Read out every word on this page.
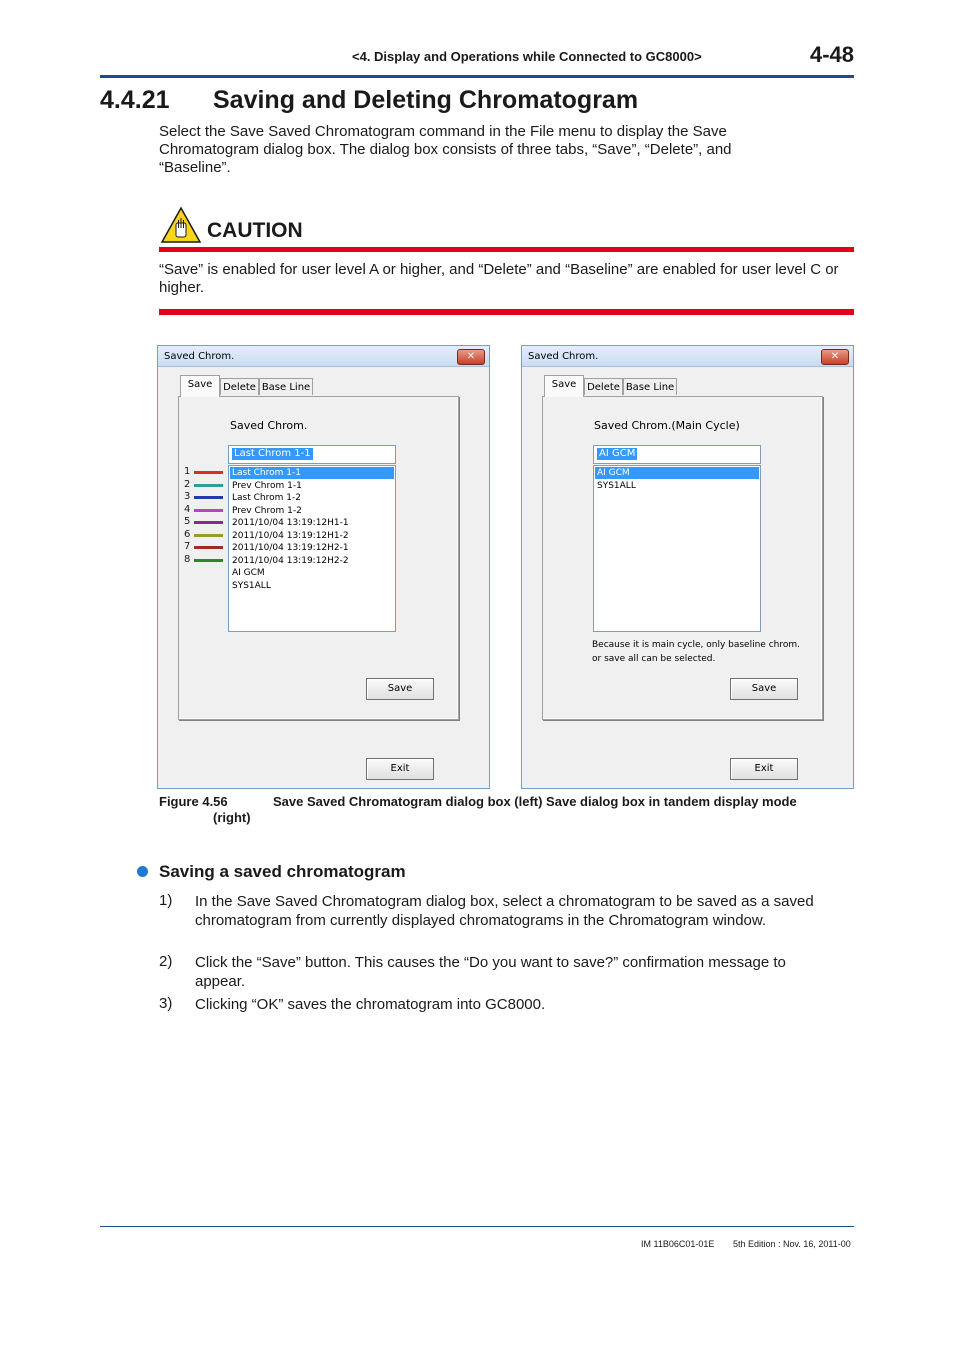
<4. Display and Operations while Connected to GC8000>	4-48
4.4.21 Saving and Deleting Chromatogram
Select the Save Saved Chromatogram command in the File menu to display the Save Chromatogram dialog box. The dialog box consists of three tabs, “Save”, “Delete”, and “Baseline”.
CAUTION
“Save” is enabled for user level A or higher, and “Delete” and “Baseline” are enabled for user level C or higher.
Saved Chrom.	✕
Save	Delete Base Line
Saved Chrom.
Last Chrom 1-1
Last Chrom 1-1
Prev Chrom 1-1
Last Chrom 1-2
Prev Chrom 1-2
2011/10/04 13:19:12H1-1
2011/10/04 13:19:12H1-2
2011/10/04 13:19:12H2-1
2011/10/04 13:19:12H2-2
AI GCM
SYS1ALL
Save
Exit
1
2
3
4
5
6
7
8
Saved Chrom.	✕
Save	Delete Base Line
Saved Chrom.(Main Cycle)
AI GCM
AI GCM
SYS1ALL
Because it is main cycle, only baseline chrom.
or save all can be selected.
Save
Exit
Figure 4.56	Save Saved Chromatogram dialog box (left) Save dialog box in tandem display mode
(right)
Saving a saved chromatogram
1) In the Save Saved Chromatogram dialog box, select a chromatogram to be saved as a saved chromatogram from currently displayed chromatograms in the Chromatogram window.
2) Click the “Save” button. This causes the “Do you want to save?” confirmation message to appear.
3) Clicking “OK” saves the chromatogram into GC8000.
IM 11B06C01-01E 5th Edition : Nov. 16, 2011-00
